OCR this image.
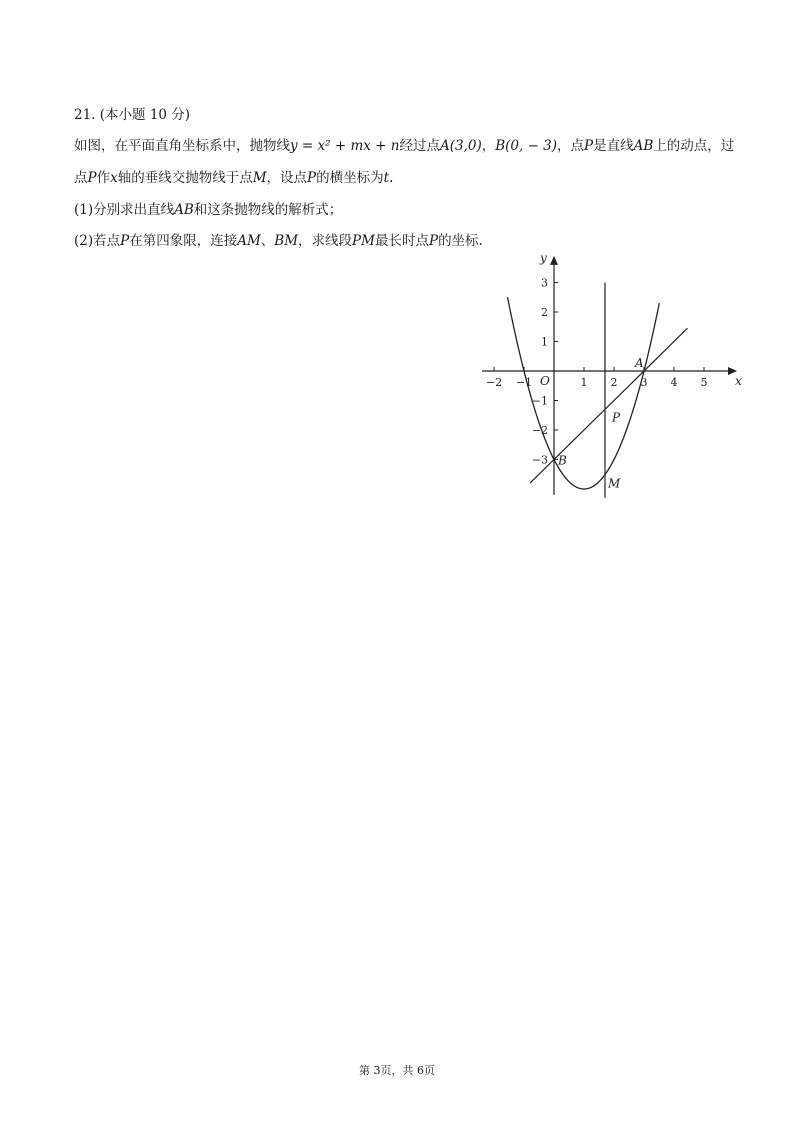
21. (本小题 10 分)
如图，在平面直角坐标系中，抛物线y = x² + mx + n经过点A(3,0)，B(0, − 3)，点P是直线AB上的动点，过
点P作x轴的垂线交抛物线于点M，设点P的横坐标为t.
(1)分别求出直线AB和这条抛物线的解析式；
(2)若点P在第四象限，连接AM、BM，求线段PM最长时点P的坐标.
−2 −1	1 2 3 4 5
3
2
1
−1
−2
−3
x
y
O
A
B
P
M
第 3页，共 6页
